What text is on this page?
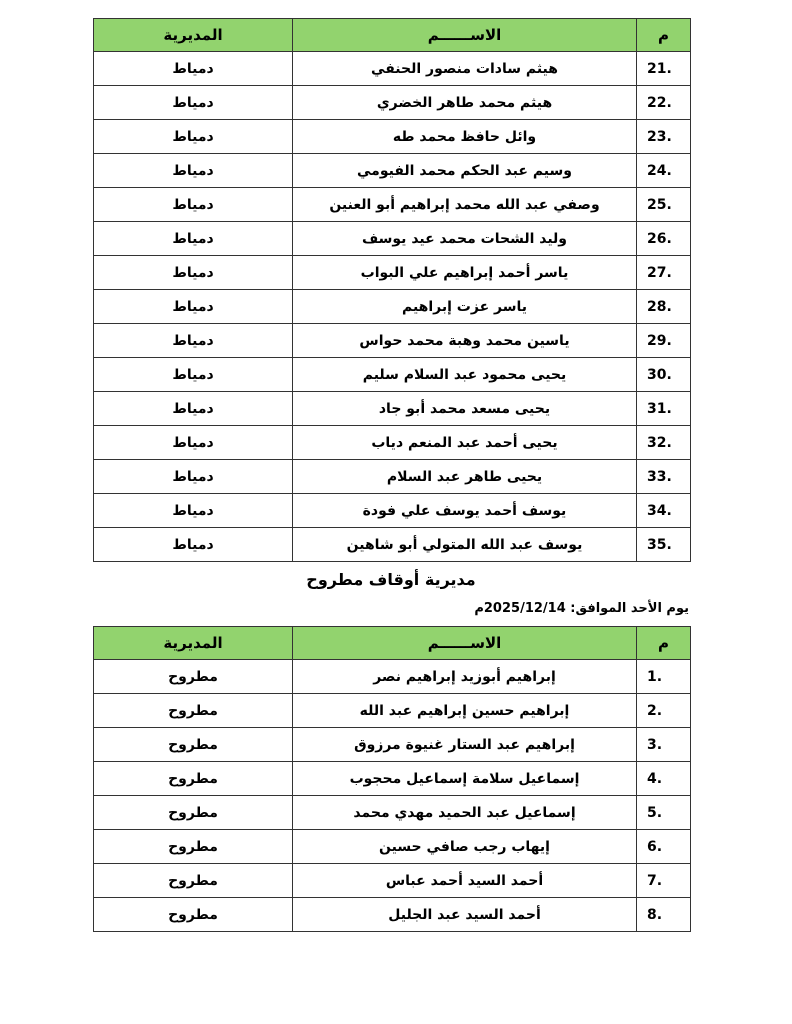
م	الاســــــم	المديرية
21.	هيثم سادات منصور الحنفي	دمياط
22.	هيثم محمد طاهر الخضري	دمياط
23.	وائل حافظ محمد طه	دمياط
24.	وسيم عبد الحكم محمد الفيومي	دمياط
25.	وصفي عبد الله محمد إبراهيم أبو العنين	دمياط
26.	وليد الشحات محمد عيد يوسف	دمياط
27.	ياسر أحمد إبراهيم علي البواب	دمياط
28.	ياسر عزت إبراهيم	دمياط
29.	ياسين محمد وهبة محمد حواس	دمياط
30.	يحيى محمود عبد السلام سليم	دمياط
31.	يحيى مسعد محمد أبو جاد	دمياط
32.	يحيى أحمد عبد المنعم دياب	دمياط
33.	يحيى طاهر عبد السلام	دمياط
34.	يوسف أحمد يوسف علي فودة	دمياط
35.	يوسف عبد الله المتولي أبو شاهين	دمياط
مديرية أوقاف مطروح
يوم الأحد الموافق: 2025/12/14م
م	الاســــــم	المديرية
1.	إبراهيم أبوزيد إبراهيم نصر	مطروح
2.	إبراهيم حسين إبراهيم عبد الله	مطروح
3.	إبراهيم عبد الستار غنيوة مرزوق	مطروح
4.	إسماعيل سلامة إسماعيل محجوب	مطروح
5.	إسماعيل عبد الحميد مهدي محمد	مطروح
6.	إيهاب رجب صافي حسين	مطروح
7.	أحمد السيد أحمد عباس	مطروح
8.	أحمد السيد عبد الجليل	مطروح
